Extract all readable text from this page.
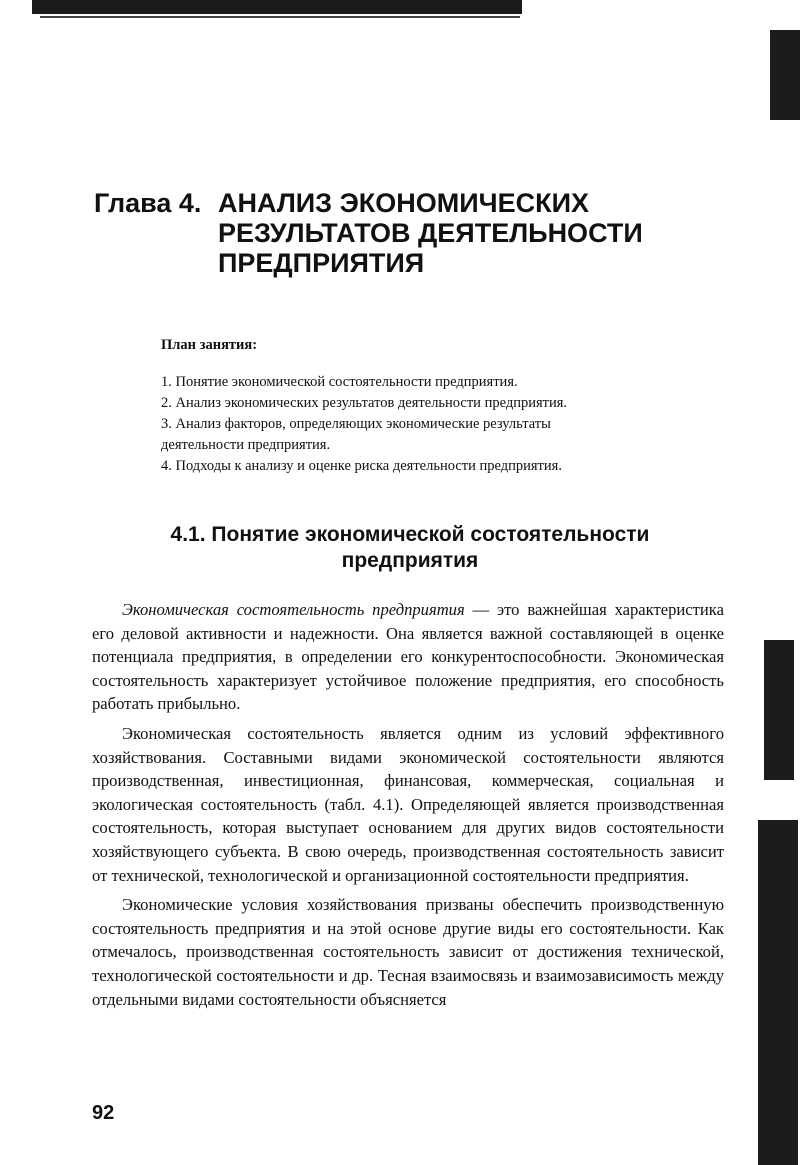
Глава 4. АНАЛИЗ ЭКОНОМИЧЕСКИХ
РЕЗУЛЬТАТОВ ДЕЯТЕЛЬНОСТИ
ПРЕДПРИЯТИЯ
План занятия:
1. Понятие экономической состоятельности предприятия.
2. Анализ экономических результатов деятельности предприятия.
3. Анализ факторов, определяющих экономические результаты
деятельности предприятия.
4. Подходы к анализу и оценке риска деятельности предприятия.
4.1. Понятие экономической состоятельности
предприятия

Экономическая состоятельность предприятия — это важнейшая характеристика его деловой активности и надежности. Она является важной составляющей в оценке потенциала предприятия, в определении его конкурентоспособности. Экономическая состоятельность характеризует устойчивое положение предприятия, его способность работать прибыльно.

Экономическая состоятельность является одним из условий эффективного хозяйствования. Составными видами экономической состоятельности являются производственная, инвестиционная, финансовая, коммерческая, социальная и экологическая состоятельность (табл. 4.1). Определяющей является производственная состоятельность, которая выступает основанием для других видов состоятельности хозяйствующего субъекта. В свою очередь, производственная состоятельность зависит от технической, технологической и организационной состоятельности предприятия.

Экономические условия хозяйствования призваны обеспечить производственную состоятельность предприятия и на этой основе другие виды его состоятельности. Как отмечалось, производственная состоятельность зависит от достижения технической, технологической состоятельности и др. Тесная взаимосвязь и взаимозависимость между отдельными видами состоятельности объясняется

92
